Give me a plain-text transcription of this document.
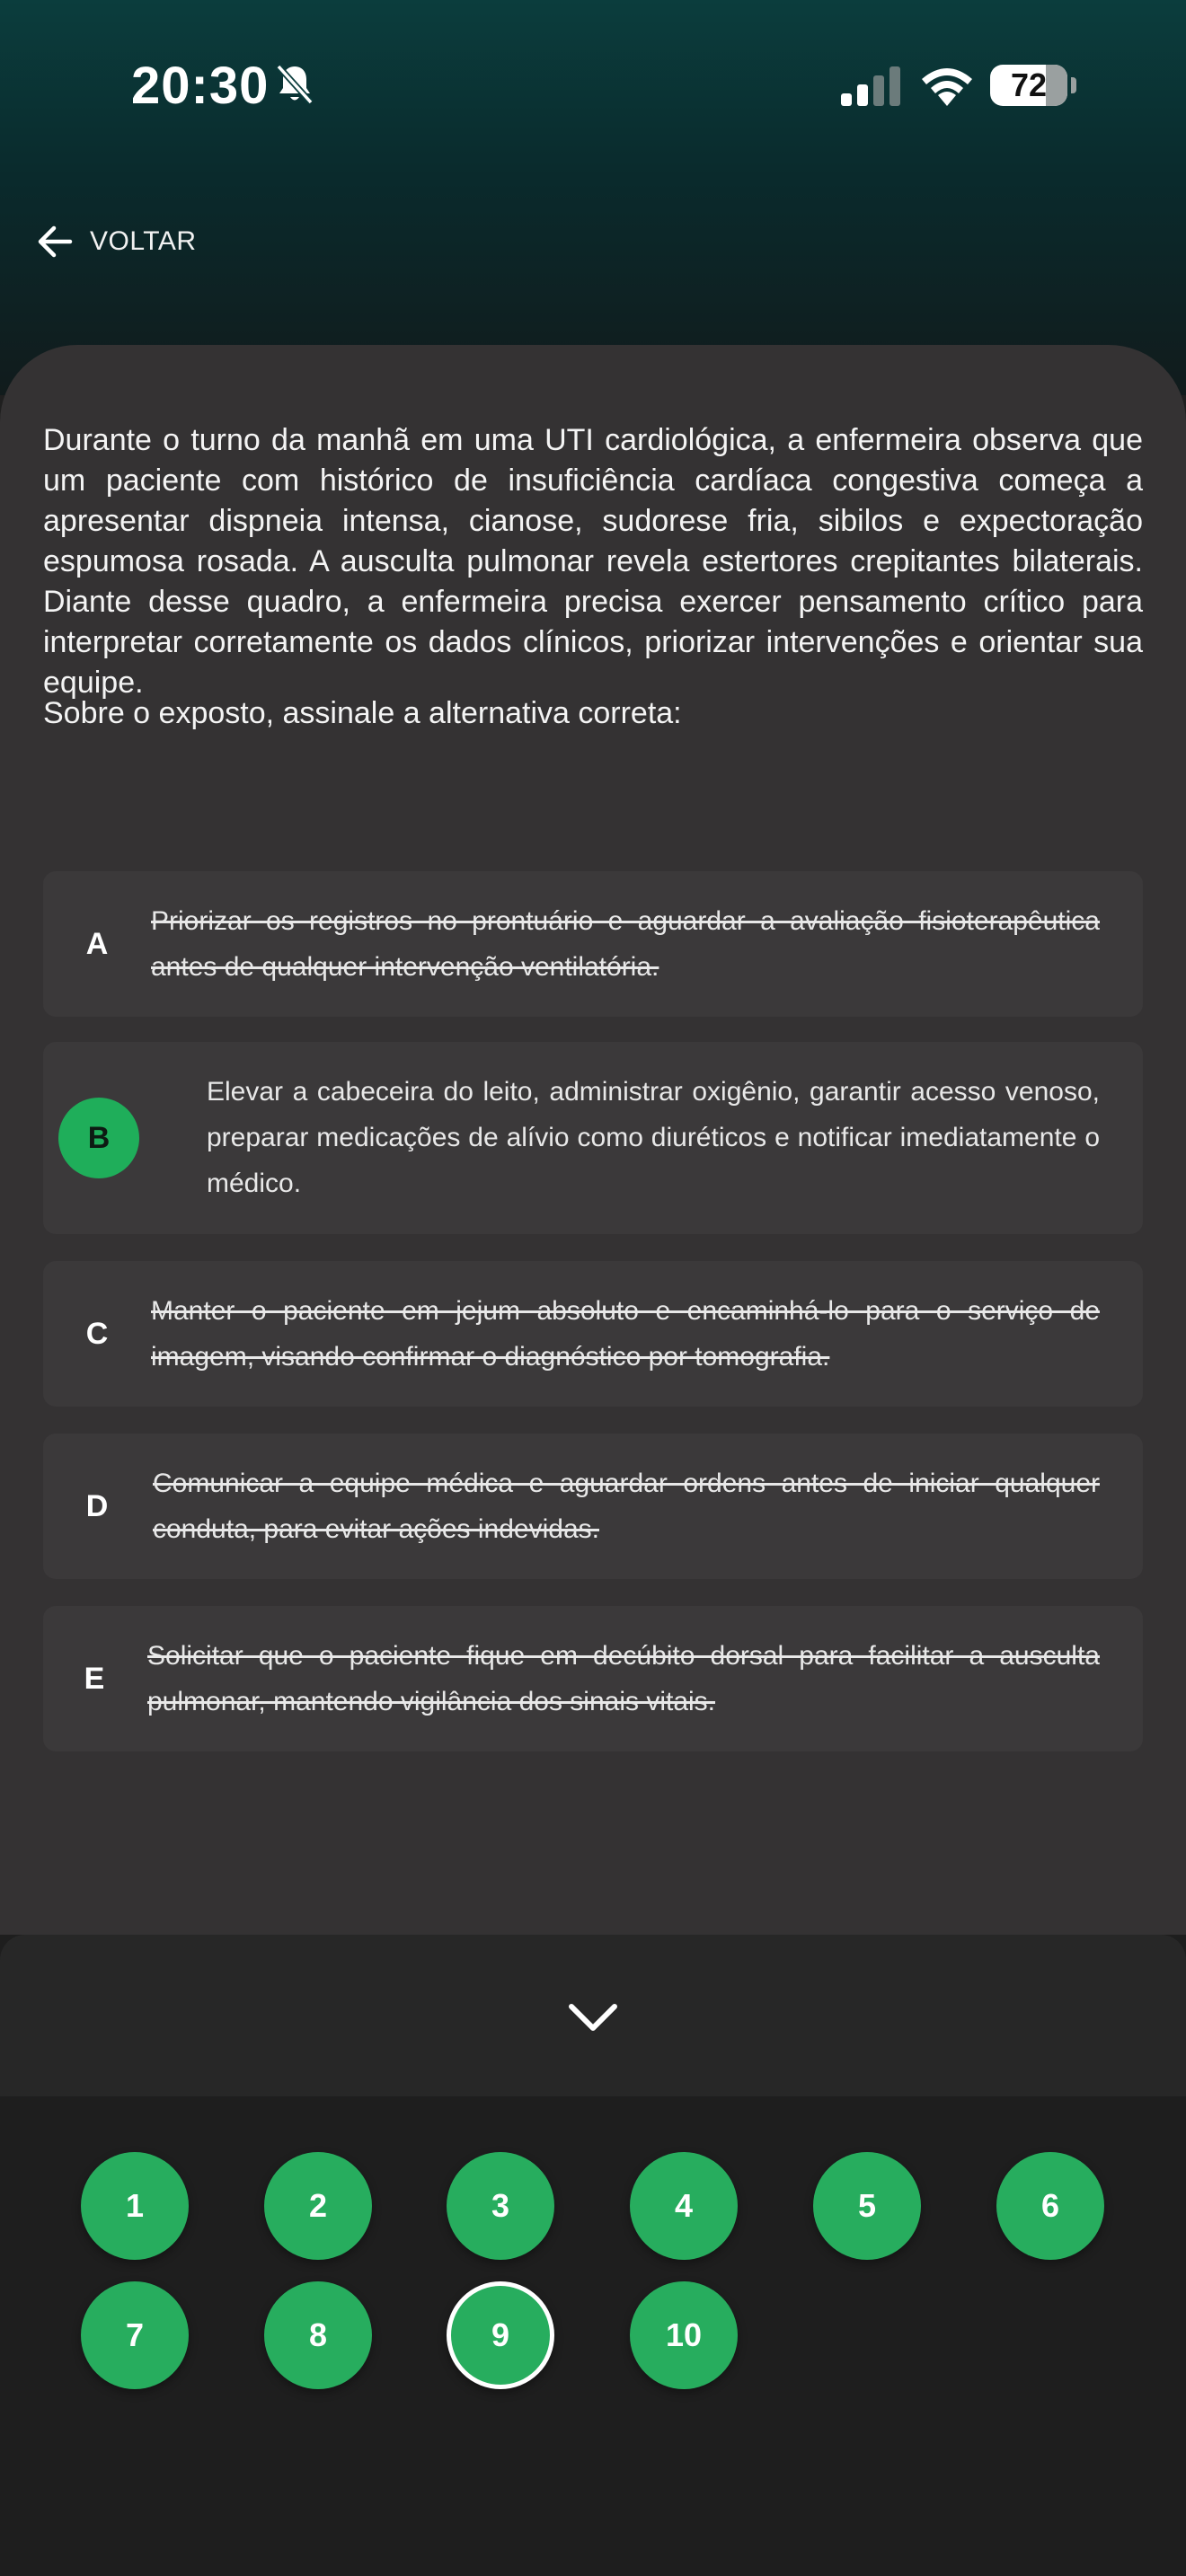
20:30	72
VOLTAR

Durante o turno da manhã em uma UTI cardiológica, a enfermeira observa que um paciente com histórico de insuficiência cardíaca congestiva começa a apresentar dispneia intensa, cianose, sudorese fria, sibilos e expectoração espumosa rosada. A ausculta pulmonar revela estertores crepitantes bilaterais. Diante desse quadro, a enfermeira precisa exercer pensamento crítico para interpretar corretamente os dados clínicos, priorizar intervenções e orientar sua equipe.

Sobre o exposto, assinale a alternativa correta:

A

Priorizar os registros no prontuário e aguardar a avaliação fisioterapêutica antes de qualquer intervenção ventilatória.

B

Elevar a cabeceira do leito, administrar oxigênio, garantir acesso venoso, preparar medicações de alívio como diuréticos e notificar imediatamente o médico.

C

Manter o paciente em jejum absoluto e encaminhá-lo para o serviço de imagem, visando confirmar o diagnóstico por tomografia.

D

Comunicar a equipe médica e aguardar ordens antes de iniciar qualquer conduta, para evitar ações indevidas.

E

Solicitar que o paciente fique em decúbito dorsal para facilitar a ausculta pulmonar, mantendo vigilância dos sinais vitais.

1	2	3	4	5	6
7	8	9	10
